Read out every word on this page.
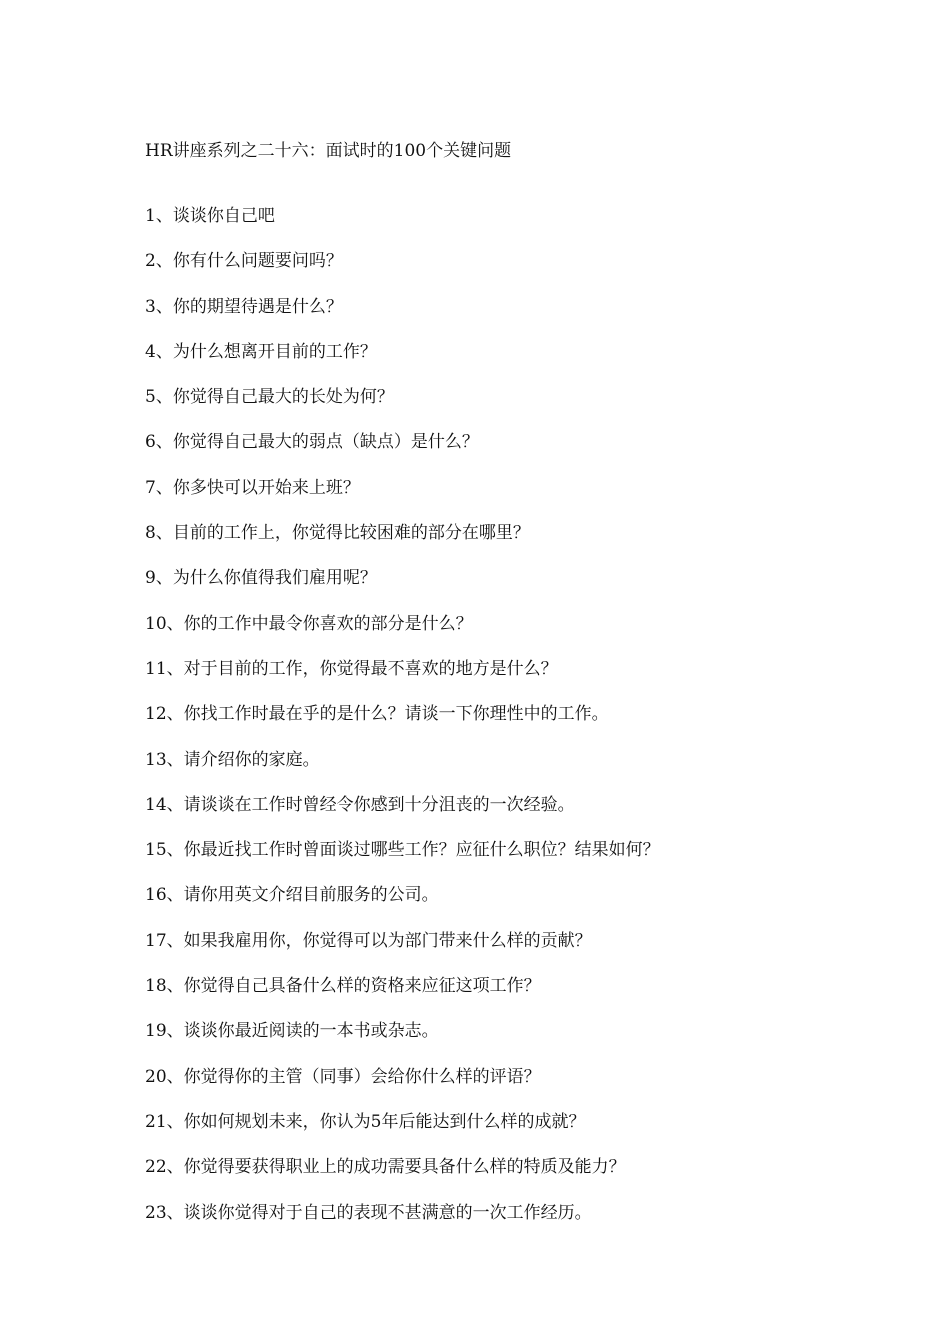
HR讲座系列之二十六：面试时的100个关键问题
1、谈谈你自己吧
2、你有什么问题要问吗？
3、你的期望待遇是什么？
4、为什么想离开目前的工作？
5、你觉得自己最大的长处为何？
6、你觉得自己最大的弱点（缺点）是什么？
7、你多快可以开始来上班？
8、目前的工作上，你觉得比较困难的部分在哪里？
9、为什么你值得我们雇用呢？
10、你的工作中最令你喜欢的部分是什么？
11、对于目前的工作，你觉得最不喜欢的地方是什么？
12、你找工作时最在乎的是什么？请谈一下你理性中的工作。
13、请介绍你的家庭。
14、请谈谈在工作时曾经令你感到十分沮丧的一次经验。
15、你最近找工作时曾面谈过哪些工作？应征什么职位？结果如何？
16、请你用英文介绍目前服务的公司。
17、如果我雇用你，你觉得可以为部门带来什么样的贡献？
18、你觉得自己具备什么样的资格来应征这项工作？
19、谈谈你最近阅读的一本书或杂志。
20、你觉得你的主管（同事）会给你什么样的评语？
21、你如何规划未来，你认为5年后能达到什么样的成就？
22、你觉得要获得职业上的成功需要具备什么样的特质及能力？
23、谈谈你觉得对于自己的表现不甚满意的一次工作经历。
